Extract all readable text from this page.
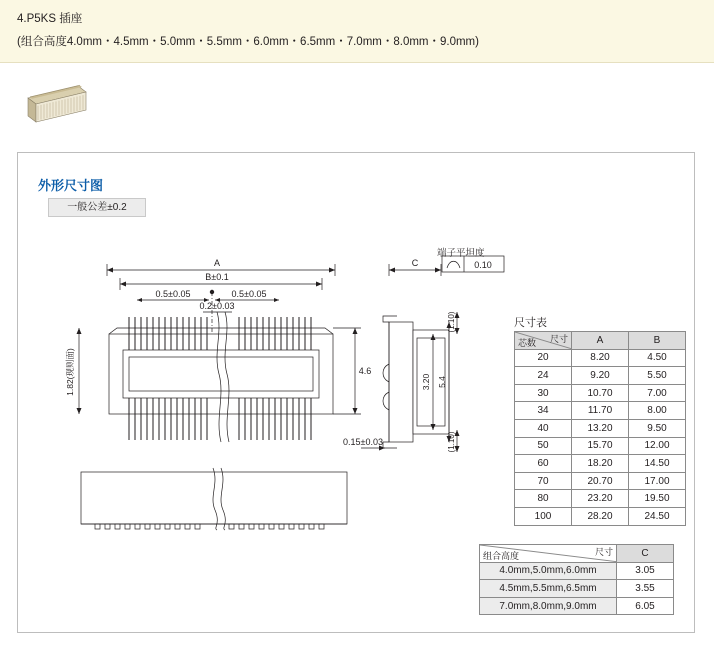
4.P5KS 插座
(组合高度4.0mm・4.5mm・5.0mm・5.5mm・6.0mm・6.5mm・7.0mm・8.0mm・9.0mm)
外形尺寸图
一般公差±0.2
A
B±0.1
0.5±0.05	0.5±0.05
0.2±0.03
1.82(现则面)	4.6
C	0.10
(1.10)
(1.10)
3.20 5.4
0.15±0.03
端子平坦度
尺寸表
尺寸
芯数	A	B
20	8.20	4.50
24	9.20	5.50
30	10.70	7.00
34	11.70	8.00
40	13.20	9.50
50	15.70	12.00
60	18.20	14.50
70	20.70	17.00
80	23.20	19.50
100	28.20	24.50
尺寸
组合高度	C
4.0mm,5.0mm,6.0mm	3.05
4.5mm,5.5mm,6.5mm	3.55
7.0mm,8.0mm,9.0mm	6.05
